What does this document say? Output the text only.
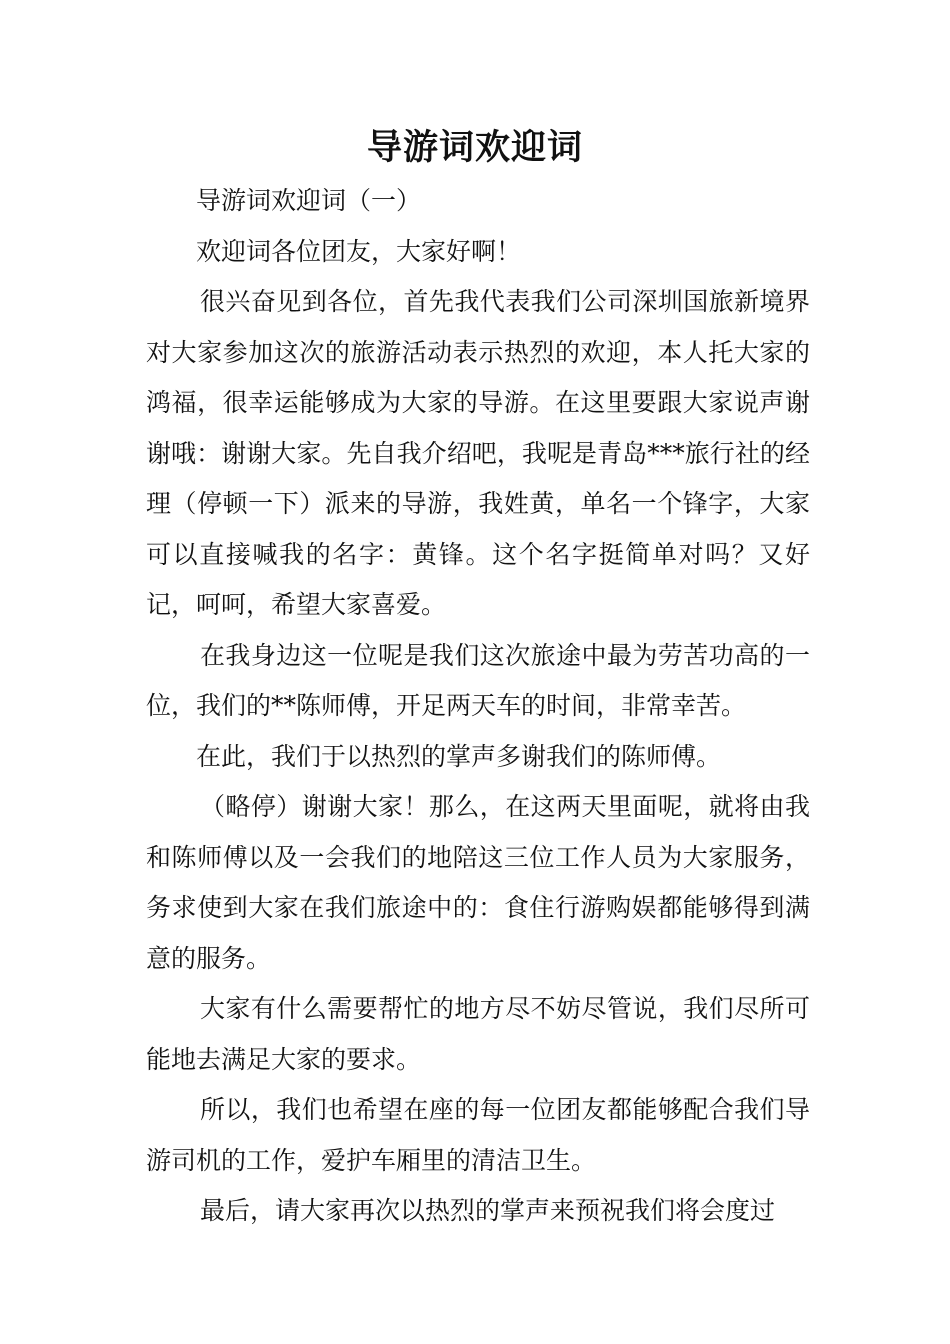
导游词欢迎词

导游词欢迎词（一）

欢迎词各位团友，大家好啊！

很兴奋见到各位，首先我代表我们公司深圳国旅新境界对大家参加这次的旅游活动表示热烈的欢迎，本人托大家的鸿福，很幸运能够成为大家的导游。在这里要跟大家说声谢谢哦：谢谢大家。先自我介绍吧，我呢是青岛***旅行社的经理（停顿一下）派来的导游，我姓黄，单名一个锋字，大家可以直接喊我的名字：黄锋。这个名字挺简单对吗？又好记，呵呵，希望大家喜爱。

在我身边这一位呢是我们这次旅途中最为劳苦功高的一位，我们的**陈师傅，开足两天车的时间，非常幸苦。

在此，我们于以热烈的掌声多谢我们的陈师傅。

（略停）谢谢大家！那么，在这两天里面呢，就将由我和陈师傅以及一会我们的地陪这三位工作人员为大家服务，务求使到大家在我们旅途中的：食住行游购娱都能够得到满意的服务。

大家有什么需要帮忙的地方尽不妨尽管说，我们尽所可能地去满足大家的要求。

所以，我们也希望在座的每一位团友都能够配合我们导游司机的工作，爱护车厢里的清洁卫生。

最后，请大家再次以热烈的掌声来预祝我们将会度过
